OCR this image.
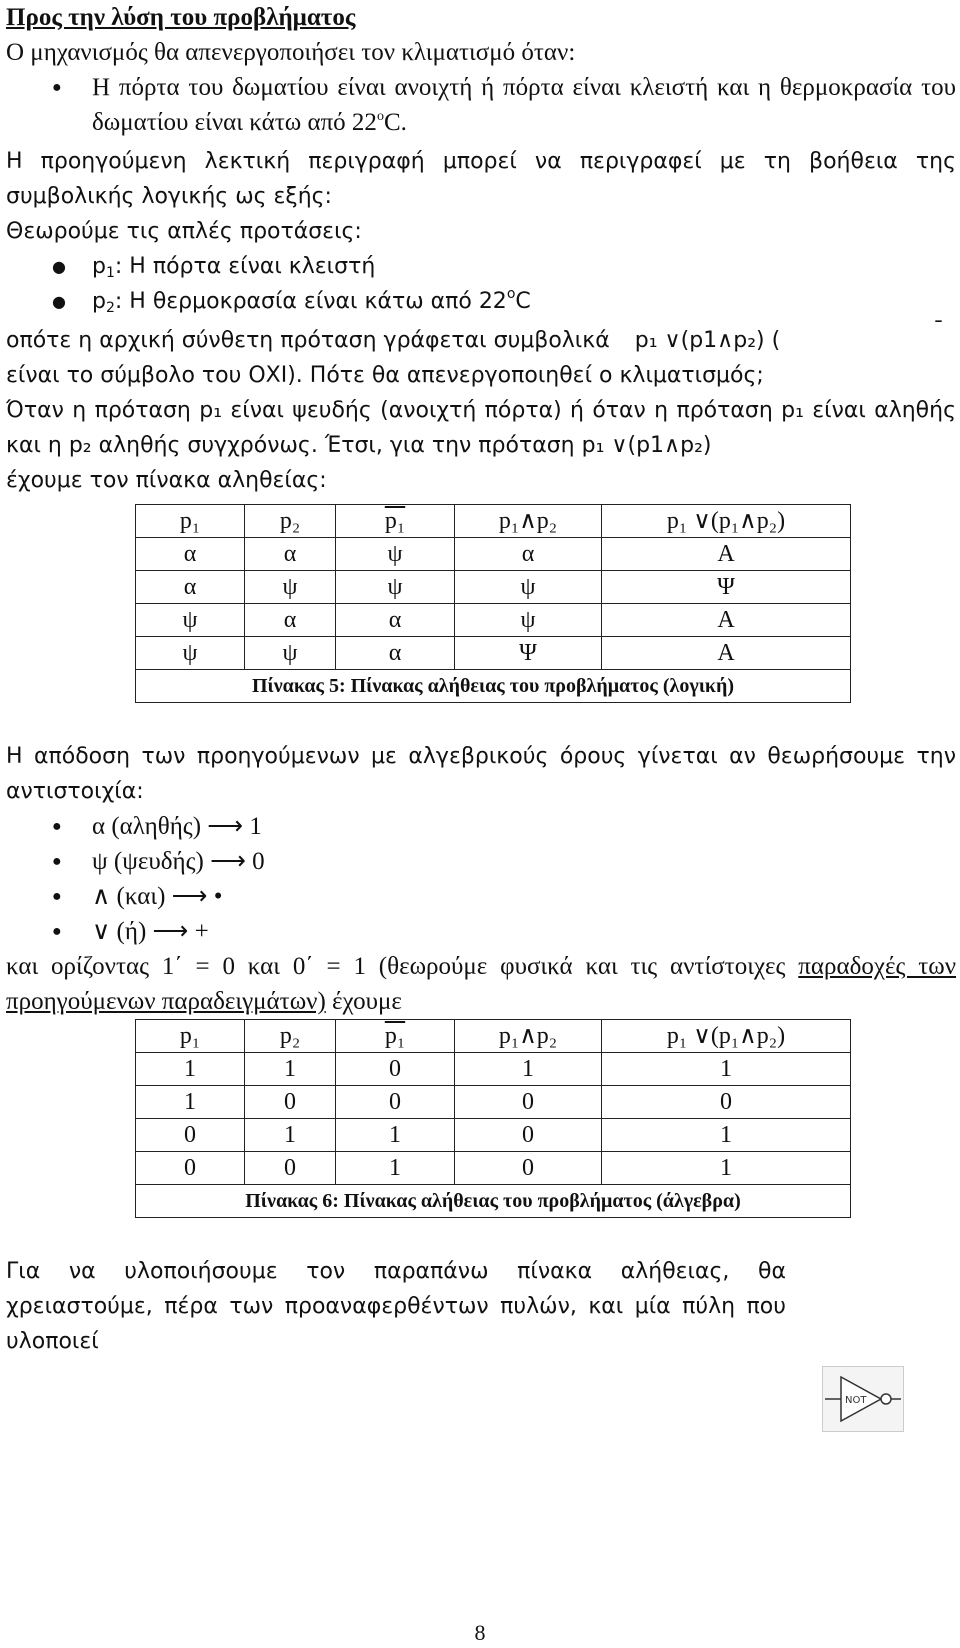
Προς την λύση του προβλήματος

Ο μηχανισμός θα απενεργοποιήσει τον κλιματισμό όταν:

● Η πόρτα του δωματίου είναι ανοιχτή ή πόρτα είναι κλειστή και η θερμοκρασία του δωματίου είναι κάτω από 22$^o$C.

Η προηγούμενη λεκτική περιγραφή μπορεί να περιγραφεί με τη βοήθεια της συμβολικής λογικής ως εξής:

Θεωρούμε τις απλές προτάσεις:

● $p_1$: Η πόρτα είναι κλειστή
● $p_2$: Η θερμοκρασία είναι κάτω από 22$^o$C

οπότε η αρχική σύνθετη πρόταση γράφεται συμβολικά p₁ ∨(p1∧p₂) (	¯

είναι το σύμβολο του ΟΧΙ). Πότε θα απενεργοποιηθεί ο κλιματισμός;

Όταν η πρόταση p₁ είναι ψευδής (ανοιχτή πόρτα) ή όταν η πρόταση p₁ είναι αληθής και η p₂ αληθής συγχρόνως. Έτσι, για την πρόταση p₁ ∨(p1∧p₂)

έχουμε τον πίνακα αληθείας:

p₁	p₂	p₁	p₁∧p₂	p₁ ∨(p₁∧p₂)
α	α	ψ	α	Α
α	ψ	ψ	ψ	Ψ
ψ	α	α	ψ	Α
ψ	ψ	α	Ψ	Α
Πίνακας 5: Πίνακας αλήθειας του προβλήματος (λογική)				

Η απόδοση των προηγούμενων με αλγεβρικούς όρους γίνεται αν θεωρήσουμε την αντιστοιχία:

● α (αληθής) ⟶ 1
● ψ (ψευδής) ⟶ 0
● ∧ (και) ⟶ •
● ∨ (ή) ⟶ +

και ορίζοντας 1΄ = 0 και 0΄ = 1 (θεωρούμε φυσικά και τις αντίστοιχες παραδοχές των προηγούμενων παραδειγμάτων) έχουμε

p₁	p₂	p₁	p₁∧p₂	p₁ ∨(p₁∧p₂)
1	1	0	1	1
1	0	0	0	0
0	1	1	0	1
0	0	1	0	1
Πίνακας 6: Πίνακας αλήθειας του προβλήματος (άλγεβρα)				

Για να υλοποιήσουμε τον παραπάνω πίνακα αλήθειας, θα χρειαστούμε, πέρα των προαναφερθέντων πυλών, και μία πύλη που υλοποιεί

NOT
8
